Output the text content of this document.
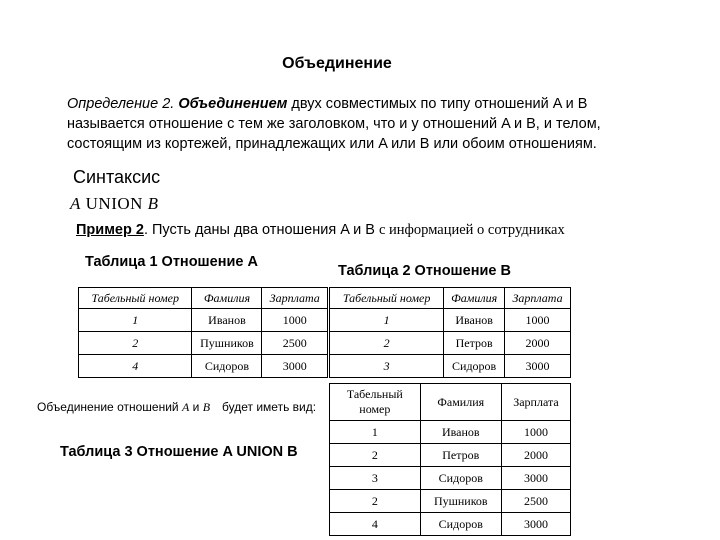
Объединение
Определение 2. Объединением двух совместимых по типу отношений A и B
называется отношение с тем же заголовком, что и у отношений A и B, и телом,
состоящим из кортежей, принадлежащих или A или B или обоим отношениям.
Синтаксис
A UNION B
Пример 2. Пусть даны два отношения A и B с информацией о сотрудниках
Таблица 1 Отношение A
Таблица 2 Отношение B
Табельный номер	Фамилия	Зарплата
1	Иванов	1000
2	Пушников	2500
4	Сидоров	3000
Табельный номер	Фамилия	Зарплата
1	Иванов	1000
2	Петров	2000
3	Сидоров	3000
Объединение отношений A и B будет иметь вид:
Таблица 3 Отношение A UNION B
Табельный номер	Фамилия	Зарплата
1	Иванов	1000
2	Петров	2000
3	Сидоров	3000
2	Пушников	2500
4	Сидоров	3000
